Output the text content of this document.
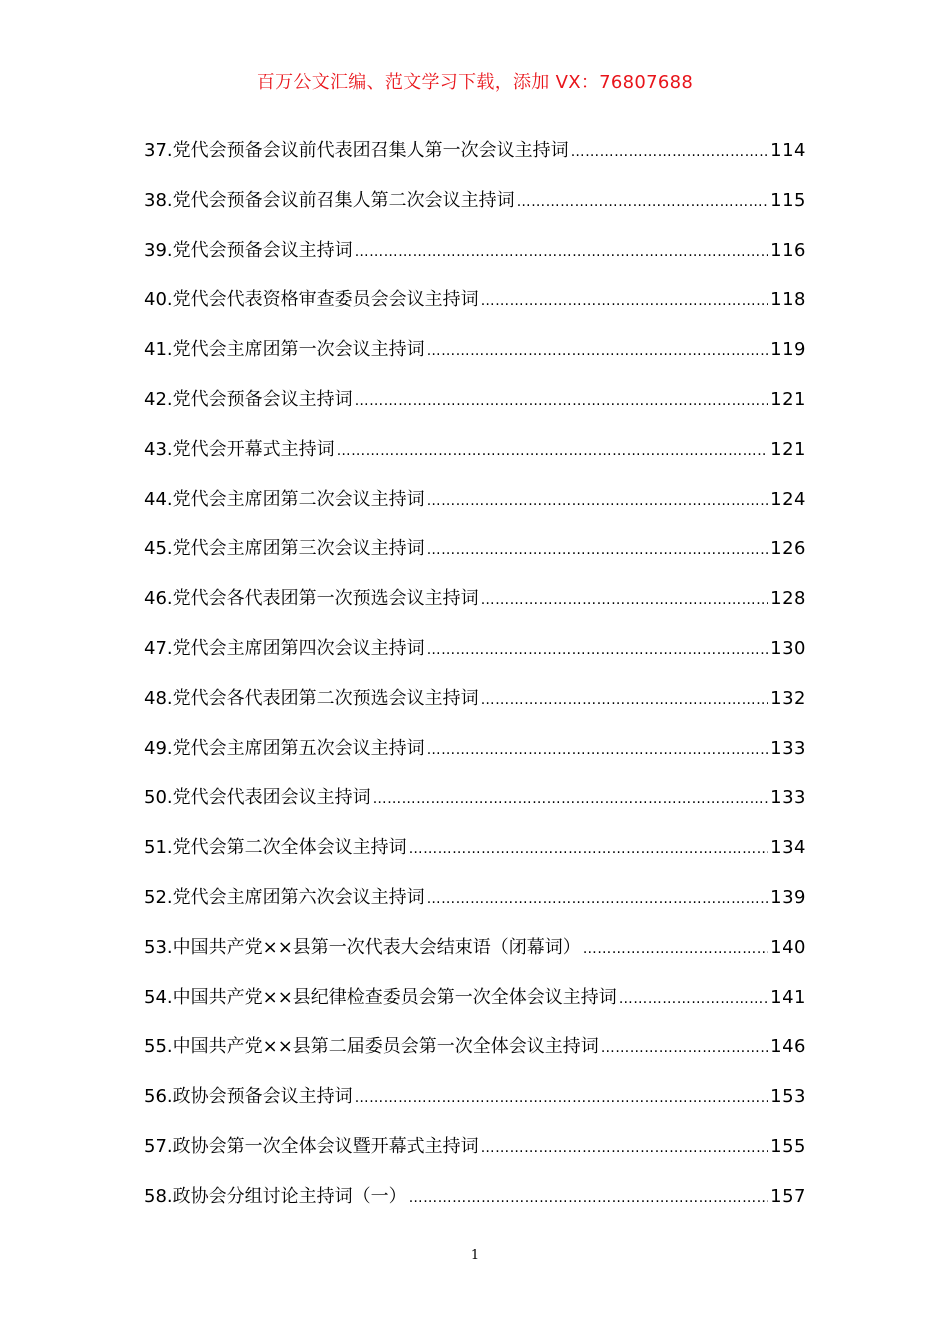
百万公文汇编、范文学习下载，添加 VX：76807688
37.党代会预备会议前代表团召集人第一次会议主持词 …………………………………………………………………………………………………………………………………………………………………………………	114
38.党代会预备会议前召集人第二次会议主持词 …………………………………………………………………………………………………………………………………………………………………………………	115
39.党代会预备会议主持词 …………………………………………………………………………………………………………………………………………………………………………………	116
40.党代会代表资格审查委员会会议主持词 …………………………………………………………………………………………………………………………………………………………………………………	118
41.党代会主席团第一次会议主持词 …………………………………………………………………………………………………………………………………………………………………………………	119
42.党代会预备会议主持词 …………………………………………………………………………………………………………………………………………………………………………………	121
43.党代会开幕式主持词 …………………………………………………………………………………………………………………………………………………………………………………	121
44.党代会主席团第二次会议主持词 …………………………………………………………………………………………………………………………………………………………………………………	124
45.党代会主席团第三次会议主持词 …………………………………………………………………………………………………………………………………………………………………………………	126
46.党代会各代表团第一次预选会议主持词 …………………………………………………………………………………………………………………………………………………………………………………	128
47.党代会主席团第四次会议主持词 …………………………………………………………………………………………………………………………………………………………………………………	130
48.党代会各代表团第二次预选会议主持词 …………………………………………………………………………………………………………………………………………………………………………………	132
49.党代会主席团第五次会议主持词 …………………………………………………………………………………………………………………………………………………………………………………	133
50.党代会代表团会议主持词 …………………………………………………………………………………………………………………………………………………………………………………	133
51.党代会第二次全体会议主持词 …………………………………………………………………………………………………………………………………………………………………………………	134
52.党代会主席团第六次会议主持词 …………………………………………………………………………………………………………………………………………………………………………………	139
53.中国共产党××县第一次代表大会结束语（闭幕词） …………………………………………………………………………………………………………………………………………………………………………………	140
54.中国共产党××县纪律检查委员会第一次全体会议主持词 …………………………………………………………………………………………………………………………………………………………………………………	141
55.中国共产党××县第二届委员会第一次全体会议主持词 …………………………………………………………………………………………………………………………………………………………………………………	146
56.政协会预备会议主持词 …………………………………………………………………………………………………………………………………………………………………………………	153
57.政协会第一次全体会议暨开幕式主持词 …………………………………………………………………………………………………………………………………………………………………………………	155
58.政协会分组讨论主持词（一） …………………………………………………………………………………………………………………………………………………………………………………	157
1
